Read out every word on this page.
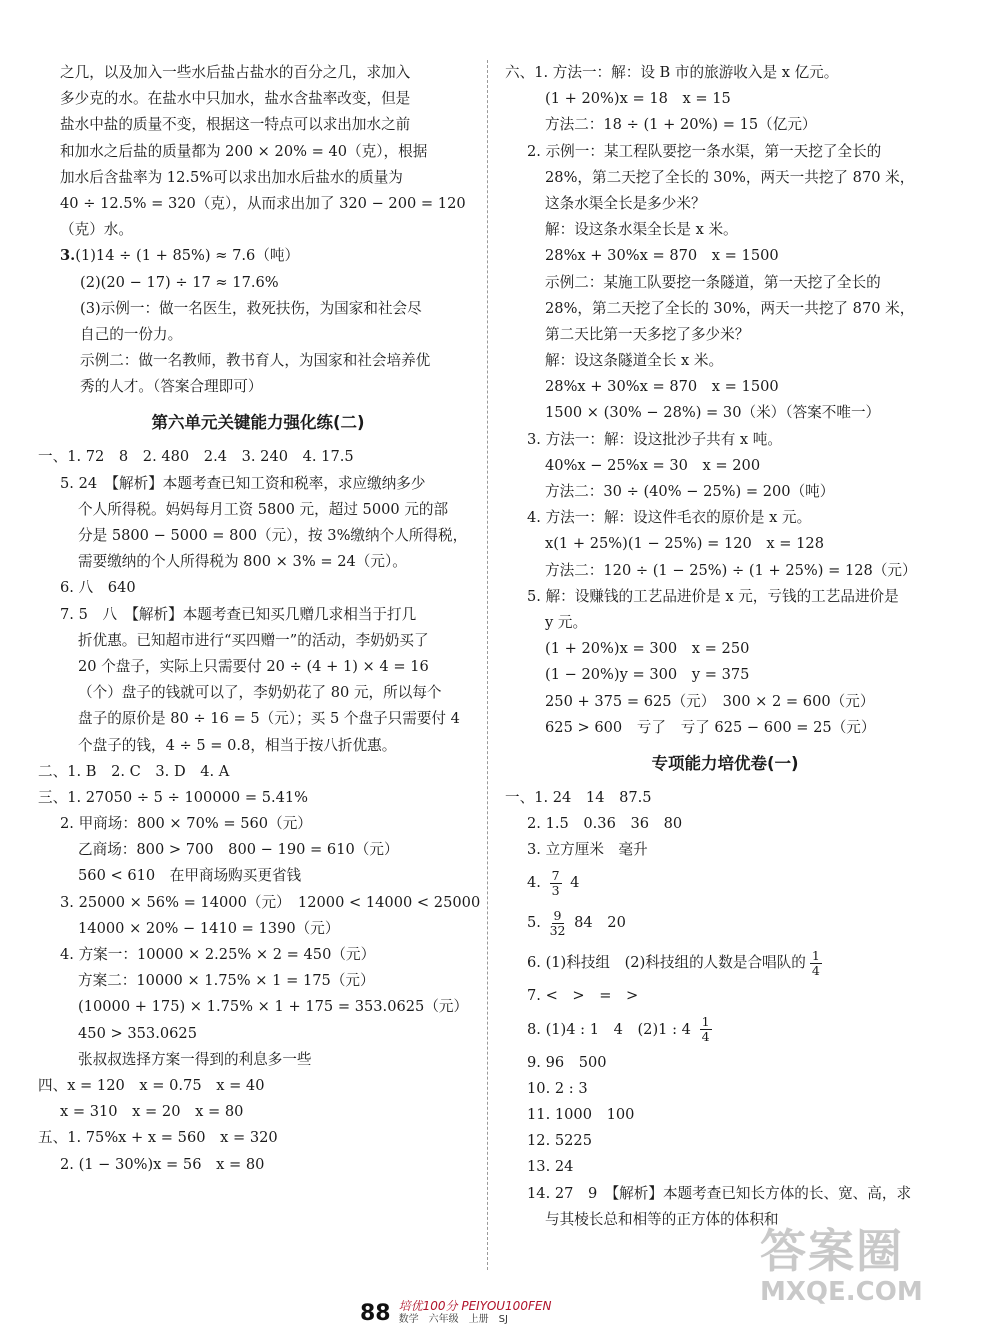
之几，以及加入一些水后盐占盐水的百分之几，求加入
多少克的水。在盐水中只加水，盐水含盐率改变，但是
盐水中盐的质量不变，根据这一特点可以求出加水之前
和加水之后盐的质量都为 200 × 20% = 40（克），根据
加水后含盐率为 12.5%可以求出加水后盐水的质量为
40 ÷ 12.5% = 320（克），从而求出加了 320 − 200 = 120
（克）水。
3.(1)14 ÷ (1 + 85%) ≈ 7.6（吨）
(2)(20 − 17) ÷ 17 ≈ 17.6%
(3)示例一：做一名医生，救死扶伤，为国家和社会尽
自己的一份力。
示例二：做一名教师，教书育人，为国家和社会培养优
秀的人才。（答案合理即可）
第六单元关键能力强化练(二)
一、1. 72　8　2. 480　2.4　3. 240　4. 17.5
5. 24　【解析】本题考查已知工资和税率，求应缴纳多少
个人所得税。妈妈每月工资 5800 元，超过 5000 元的部
分是 5800 − 5000 = 800（元），按 3%缴纳个人所得税，
需要缴纳的个人所得税为 800 × 3% = 24（元）。
6. 八　640
7. 5　八　【解析】本题考查已知买几赠几求相当于打几
折优惠。已知超市进行“买四赠一”的活动，李奶奶买了
20 个盘子，实际上只需要付 20 ÷ (4 + 1) × 4 = 16
（个）盘子的钱就可以了，李奶奶花了 80 元，所以每个
盘子的原价是 80 ÷ 16 = 5（元）；买 5 个盘子只需要付 4
个盘子的钱，4 ÷ 5 = 0.8，相当于按八折优惠。
二、1. B　2. C　3. D　4. A
三、1. 27050 ÷ 5 ÷ 100000 = 5.41%
2. 甲商场：800 × 70% = 560（元）
乙商场：800 > 700　800 − 190 = 610（元）
560 < 610　在甲商场购买更省钱
3. 25000 × 56% = 14000（元）　12000 < 14000 < 25000
14000 × 20% − 1410 = 1390（元）
4. 方案一：10000 × 2.25% × 2 = 450（元）
方案二：10000 × 1.75% × 1 = 175（元）
(10000 + 175) × 1.75% × 1 + 175 = 353.0625（元）
450 > 353.0625
张叔叔选择方案一得到的利息多一些
四、x = 120　x = 0.75　x = 40
x = 310　x = 20　x = 80
五、1. 75%x + x = 560　x = 320
2. (1 − 30%)x = 56　x = 80
六、1. 方法一：解：设 B 市的旅游收入是 x 亿元。
(1 + 20%)x = 18　x = 15
方法二：18 ÷ (1 + 20%) = 15（亿元）
2. 示例一：某工程队要挖一条水渠，第一天挖了全长的
28%，第二天挖了全长的 30%，两天一共挖了 870 米，
这条水渠全长是多少米？
解：设这条水渠全长是 x 米。
28%x + 30%x = 870　x = 1500
示例二：某施工队要挖一条隧道，第一天挖了全长的
28%，第二天挖了全长的 30%，两天一共挖了 870 米，
第二天比第一天多挖了多少米？
解：设这条隧道全长 x 米。
28%x + 30%x = 870　x = 1500
1500 × (30% − 28%) = 30（米）（答案不唯一）
3. 方法一：解：设这批沙子共有 x 吨。
40%x − 25%x = 30　x = 200
方法二：30 ÷ (40% − 25%) = 200（吨）
4. 方法一：解：设这件毛衣的原价是 x 元。
x(1 + 25%)(1 − 25%) = 120　x = 128
方法二：120 ÷ (1 − 25%) ÷ (1 + 25%) = 128（元）
5. 解：设赚钱的工艺品进价是 x 元，亏钱的工艺品进价是
y 元。
(1 + 20%)x = 300　x = 250
(1 − 20%)y = 300　y = 375
250 + 375 = 625（元）　300 × 2 = 600（元）
625 > 600　亏了　亏了 625 − 600 = 25（元）
专项能力培优卷(一)
一、1. 24　14　87.5
2. 1.5　0.36　36　80
3. 立方厘米　毫升
4. $\frac{7}{3} 4$
5. $\frac{9}{32} 84$　20
6. (1)科技组　(2)科技组的人数是合唱队的 $\frac{1}{4}$
7. <　>　=　>
8. (1)4 : 1　4　(2)1 : $4 \frac{1}{4}$
9. 96　500
10. 2 : 3
11. 1000　100
12. 5225
13. 24
14. 27　9　【解析】本题考查已知长方体的长、宽、高，求
与其棱长总和相等的正方体的体积和
答案圈
MXQE.COM
88 培优100分 PEIYOU100FEN
数学　六年级　上册　SJ
